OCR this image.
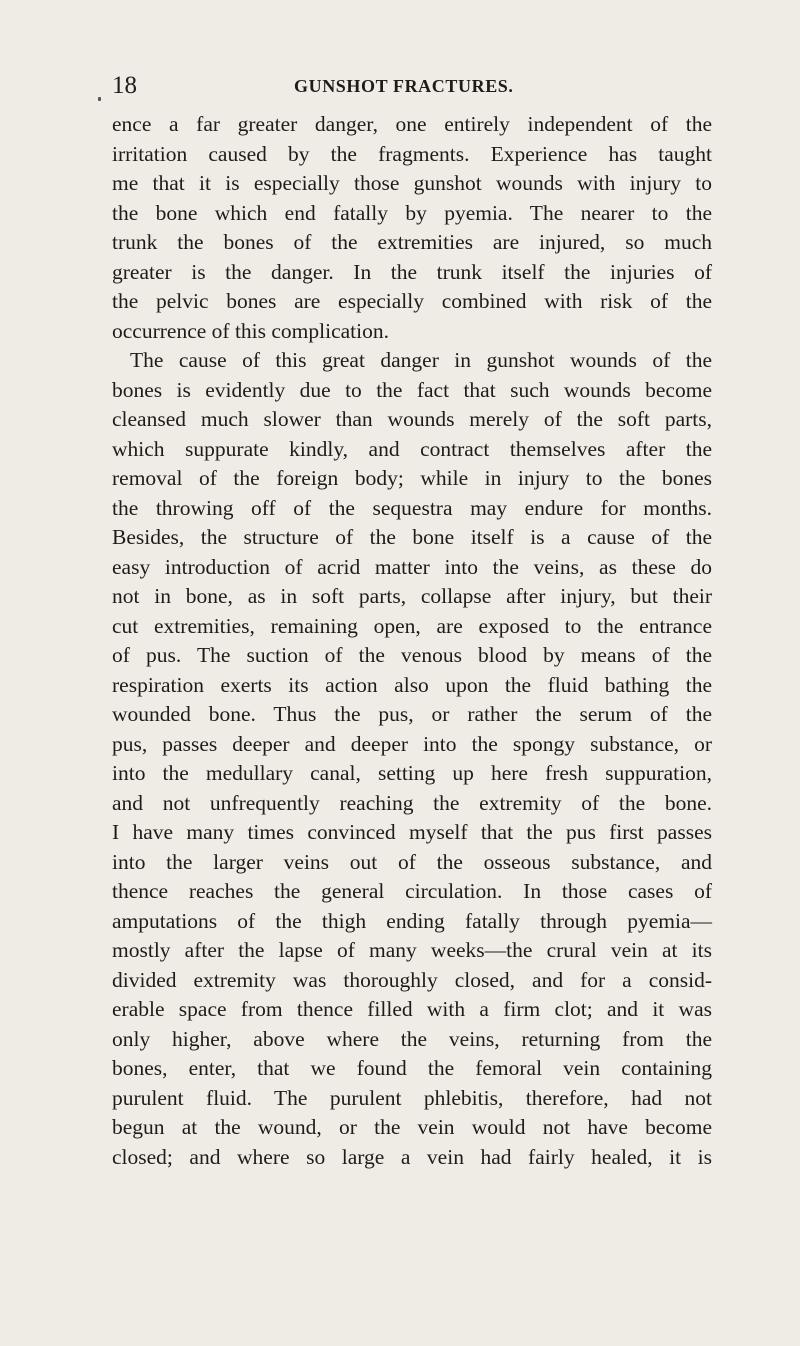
18	GUNSHOT FRACTURES.
ence a far greater danger, one entirely independent of the
irritation caused by the fragments. Experience has taught
me that it is especially those gunshot wounds with injury to
the bone which end fatally by pyemia. The nearer to the
trunk the bones of the extremities are injured, so much
greater is the danger. In the trunk itself the injuries of
the pelvic bones are especially combined with risk of the
occurrence of this complication.
The cause of this great danger in gunshot wounds of the
bones is evidently due to the fact that such wounds become
cleansed much slower than wounds merely of the soft parts,
which suppurate kindly, and contract themselves after the
removal of the foreign body; while in injury to the bones
the throwing off of the sequestra may endure for months.
Besides, the structure of the bone itself is a cause of the
easy introduction of acrid matter into the veins, as these do
not in bone, as in soft parts, collapse after injury, but their
cut extremities, remaining open, are exposed to the entrance
of pus. The suction of the venous blood by means of the
respiration exerts its action also upon the fluid bathing the
wounded bone. Thus the pus, or rather the serum of the
pus, passes deeper and deeper into the spongy substance, or
into the medullary canal, setting up here fresh suppuration,
and not unfrequently reaching the extremity of the bone.
I have many times convinced myself that the pus first passes
into the larger veins out of the osseous substance, and
thence reaches the general circulation. In those cases of
amputations of the thigh ending fatally through pyemia—
mostly after the lapse of many weeks—the crural vein at its
divided extremity was thoroughly closed, and for a consid-
erable space from thence filled with a firm clot; and it was
only higher, above where the veins, returning from the
bones, enter, that we found the femoral vein containing
purulent fluid. The purulent phlebitis, therefore, had not
begun at the wound, or the vein would not have become
closed; and where so large a vein had fairly healed, it is
